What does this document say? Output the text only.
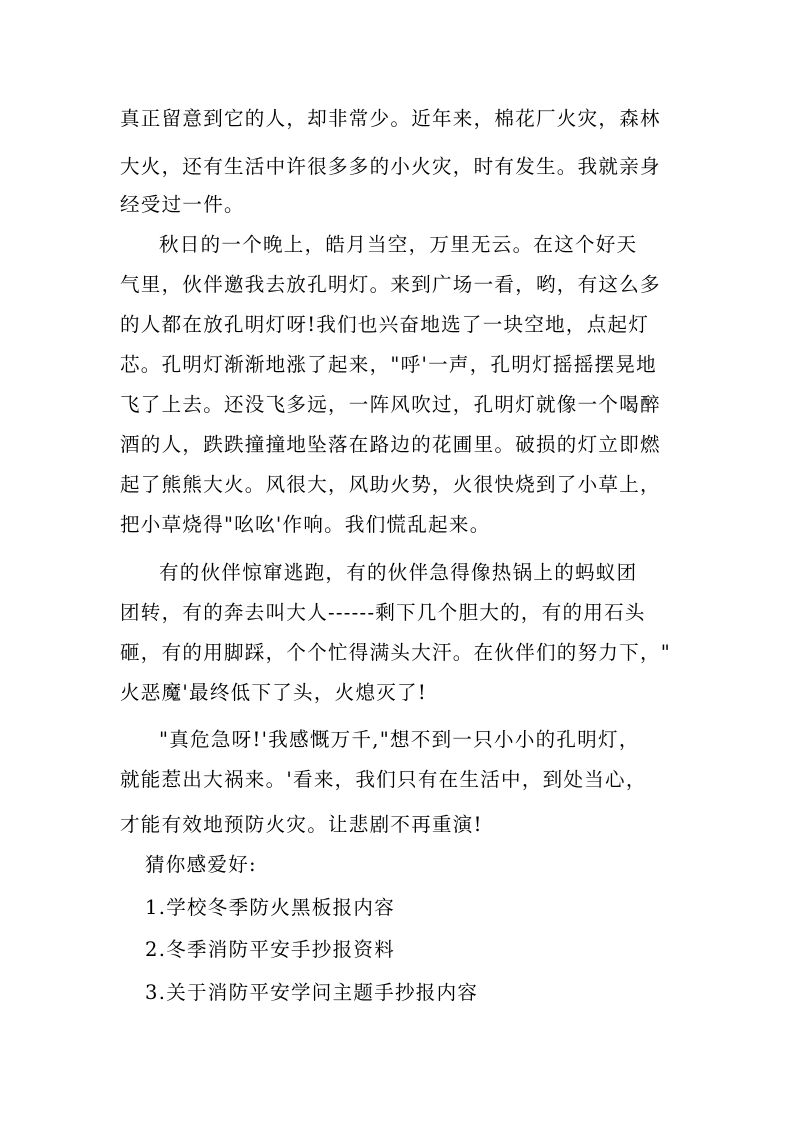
真正留意到它的人，却非常少。近年来，棉花厂火灾，森林
大火，还有生活中许很多多的小火灾，时有发生。我就亲身
经受过一件。
秋日的一个晚上，皓月当空，万里无云。在这个好天
气里，伙伴邀我去放孔明灯。来到广场一看，哟，有这么多
的人都在放孔明灯呀!我们也兴奋地选了一块空地，点起灯
芯。孔明灯渐渐地涨了起来，"呼'一声，孔明灯摇摇摆晃地
飞了上去。还没飞多远，一阵风吹过，孔明灯就像一个喝醉
酒的人，跌跌撞撞地坠落在路边的花圃里。破损的灯立即燃
起了熊熊大火。风很大，风助火势，火很快烧到了小草上，
把小草烧得"吆吆'作响。我们慌乱起来。
有的伙伴惊窜逃跑，有的伙伴急得像热锅上的蚂蚁团
团转，有的奔去叫大人------剩下几个胆大的，有的用石头
砸，有的用脚踩，个个忙得满头大汗。在伙伴们的努力下，"
火恶魔'最终低下了头，火熄灭了!
"真危急呀!'我感慨万千,"想不到一只小小的孔明灯，
就能惹出大祸来。'看来，我们只有在生活中，到处当心，
才能有效地预防火灾。让悲剧不再重演!
猜你感爱好:
1.学校冬季防火黑板报内容
2.冬季消防平安手抄报资料
3.关于消防平安学问主题手抄报内容
